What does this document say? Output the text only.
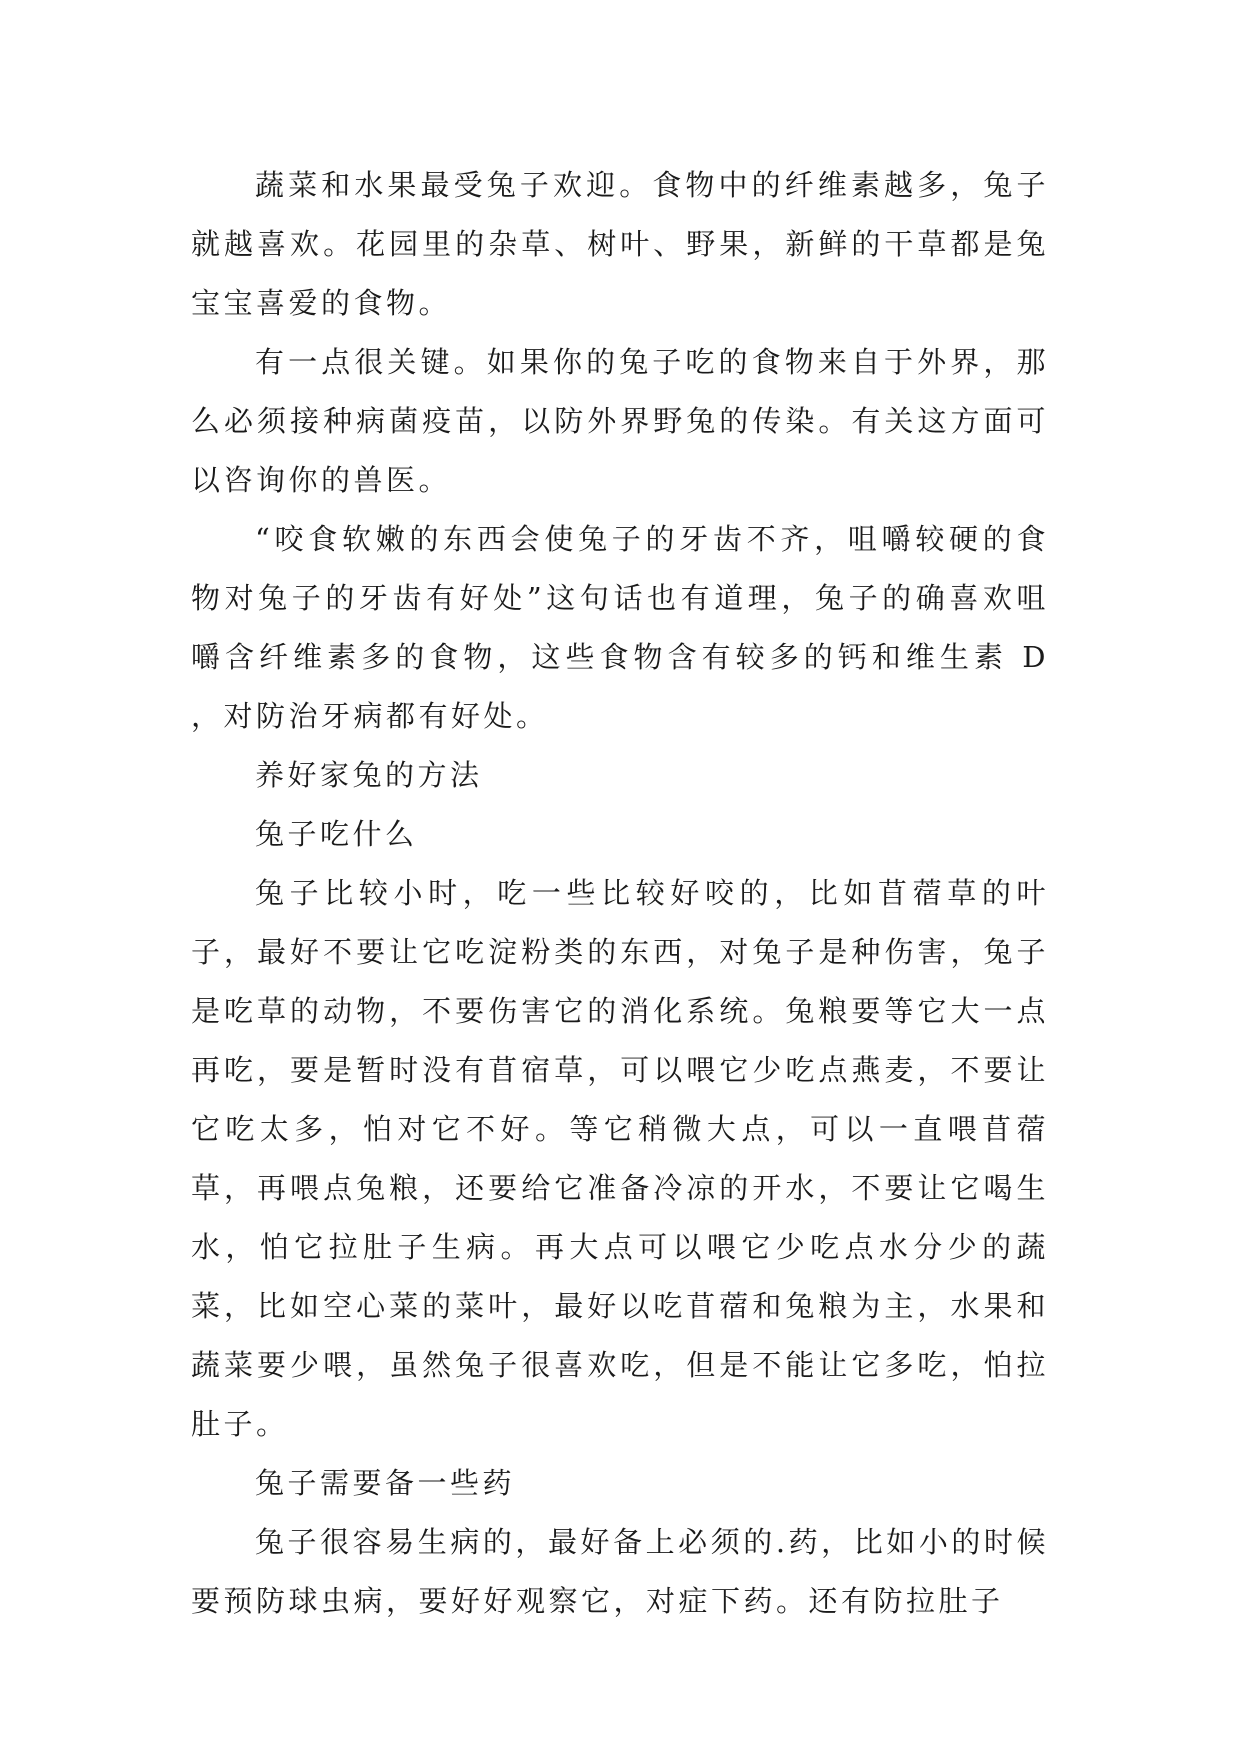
蔬菜和水果最受兔子欢迎。食物中的纤维素越多，兔子就越喜欢。花园里的杂草、树叶、野果，新鲜的干草都是兔宝宝喜爱的食物。

有一点很关键。如果你的兔子吃的食物来自于外界，那么必须接种病菌疫苗，以防外界野兔的传染。有关这方面可以咨询你的兽医。

“咬食软嫩的东西会使兔子的牙齿不齐，咀嚼较硬的食物对兔子的牙齿有好处”这句话也有道理，兔子的确喜欢咀嚼含纤维素多的食物，这些食物含有较多的钙和维生素 D ，对防治牙病都有好处。

养好家兔的方法

兔子吃什么

兔子比较小时，吃一些比较好咬的，比如苜蓿草的叶子，最好不要让它吃淀粉类的东西，对兔子是种伤害，兔子是吃草的动物，不要伤害它的消化系统。兔粮要等它大一点再吃，要是暂时没有苜宿草，可以喂它少吃点燕麦，不要让它吃太多，怕对它不好。等它稍微大点，可以一直喂苜蓿草，再喂点兔粮，还要给它准备冷凉的开水，不要让它喝生水，怕它拉肚子生病。再大点可以喂它少吃点水分少的蔬菜，比如空心菜的菜叶，最好以吃苜蓿和兔粮为主，水果和蔬菜要少喂，虽然兔子很喜欢吃，但是不能让它多吃，怕拉肚子。

兔子需要备一些药

兔子很容易生病的，最好备上必须的.药，比如小的时候要预防球虫病，要好好观察它，对症下药。还有防拉肚子
